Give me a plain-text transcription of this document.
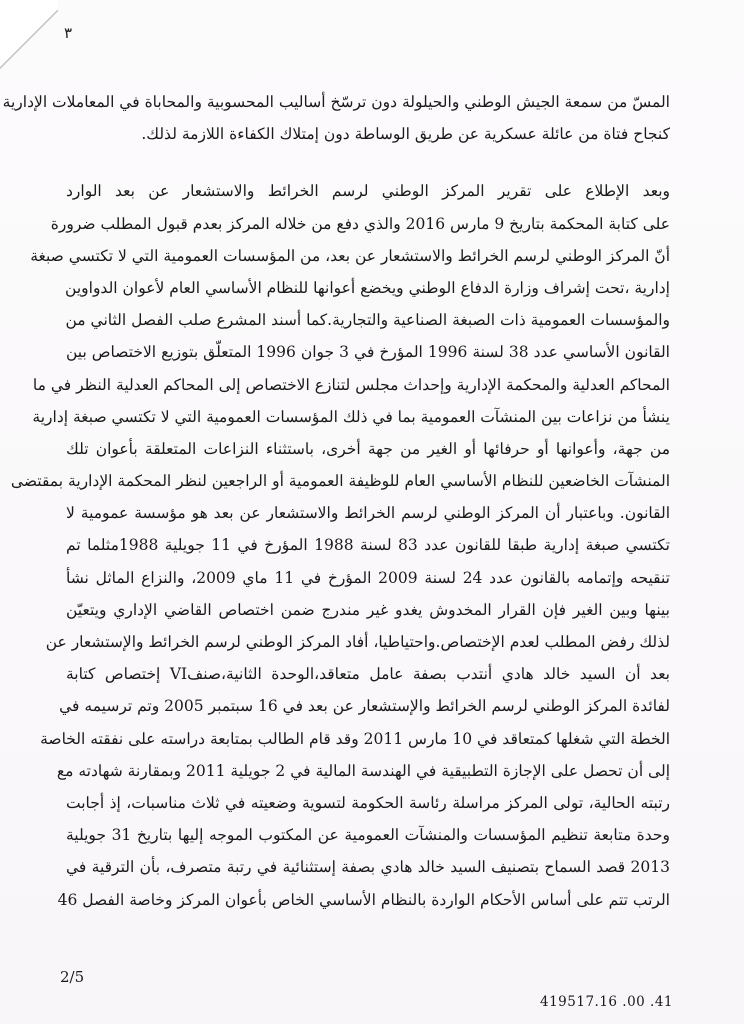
٣
المسّ من سمعة الجيش الوطني والحيلولة دون ترسّخ أساليب المحسوبية والمحاباة في المعاملات الإدارية
كنجاح فتاة من عائلة عسكرية عن طريق الوساطة دون إمتلاك الكفاءة اللازمة لذلك.
وبعد الإطلاع على تقرير المركز الوطني لرسم الخرائط والاستشعار عن بعد الوارد
على كتابة المحكمة بتاريخ 9 مارس 2016 والذي دفع من خلاله المركز بعدم قبول المطلب ضرورة
أنّ المركز الوطني لرسم الخرائط والاستشعار عن بعد، من المؤسسات العمومية التي لا تكتسي صبغة
إدارية ،تحت إشراف وزارة الدفاع الوطني ويخضع أعوانها للنظام الأساسي العام لأعوان الدواوين
والمؤسسات العمومية ذات الصبغة الصناعية والتجارية.كما أسند المشرع صلب الفصل الثاني من
القانون الأساسي عدد 38 لسنة 1996 المؤرخ في 3 جوان 1996 المتعلّق بتوزيع الاختصاص بين
المحاكم العدلية والمحكمة الإدارية وإحداث مجلس لتنازع الاختصاص إلى المحاكم العدلية النظر في ما
ينشأ من نزاعات بين المنشآت العمومية بما في ذلك المؤسسات العمومية التي لا تكتسي صبغة إدارية
من جهة، وأعوانها أو حرفائها أو الغير من جهة أخرى، باستثناء النزاعات المتعلقة بأعوان تلك
المنشآت الخاضعين للنظام الأساسي العام للوظيفة العمومية أو الراجعين لنظر المحكمة الإدارية بمقتضى
القانون. وباعتبار أن المركز الوطني لرسم الخرائط والاستشعار عن بعد هو مؤسسة عمومية لا
تكتسي صبغة إدارية طبقا للقانون عدد 83 لسنة 1988 المؤرخ في 11 جويلية 1988مثلما تم
تنقيحه وإتمامه بالقانون عدد 24 لسنة 2009 المؤرخ في 11 ماي 2009، والنزاع الماثل نشأ
بينها وبين الغير فإن القرار المخدوش يغدو غير مندرج ضمن اختصاص القاضي الإداري ويتعيّن
لذلك رفض المطلب لعدم الإختصاص.واحتياطيا، أفاد المركز الوطني لرسم الخرائط والإستشعار عن
بعد أن السيد خالد هادي أنتدب بصفة عامل متعاقد،الوحدة الثانية،صنفVI إختصاص كتابة
لفائدة المركز الوطني لرسم الخرائط والإستشعار عن بعد في 16 سبتمبر 2005 وتم ترسيمه في
الخطة التي شغلها كمتعاقد في 10 مارس 2011 وقد قام الطالب بمتابعة دراسته على نفقته الخاصة
إلى أن تحصل على الإجازة التطبيقية في الهندسة المالية في 2 جويلية 2011 وبمقارنة شهادته مع
رتبته الحالية، تولى المركز مراسلة رئاسة الحكومة لتسوية وضعيته في ثلاث مناسبات، إذ أجابت
وحدة متابعة تنظيم المؤسسات والمنشآت العمومية عن المكتوب الموجه إليها بتاريخ 31 جويلية
2013 قصد السماح بتصنيف السيد خالد هادي بصفة إستثنائية في رتبة متصرف، بأن الترقية في
الرتب تتم على أساس الأحكام الواردة بالنظام الأساسي الخاص بأعوان المركز وخاصة الفصل 46
2/5
419517.16 .00 .41
